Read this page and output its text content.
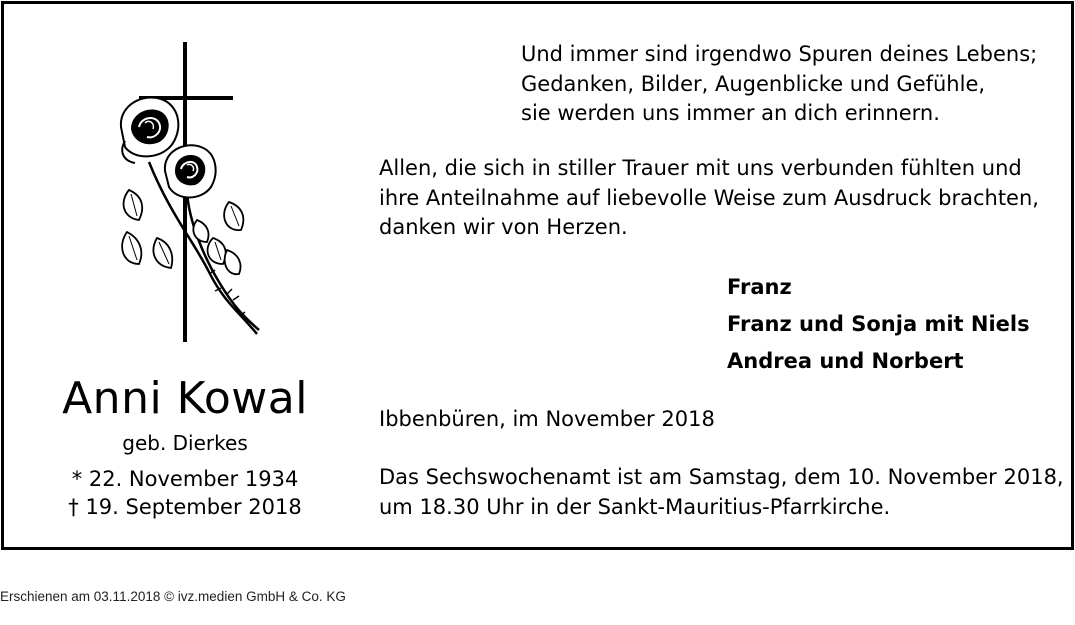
Anni Kowal
geb. Dierkes
* 22. November 1934
† 19. September 2018
Und immer sind irgendwo Spuren deines Lebens;
Gedanken, Bilder, Augenblicke und Gefühle,
sie werden uns immer an dich erinnern.
Allen, die sich in stiller Trauer mit uns verbunden fühlten und
ihre Anteilnahme auf liebevolle Weise zum Ausdruck brachten,
danken wir von Herzen.
Franz
Franz und Sonja mit Niels
Andrea und Norbert
Ibbenbüren, im November 2018
Das Sechswochenamt ist am Samstag, dem 10. November 2018,
um 18.30 Uhr in der Sankt-Mauritius-Pfarrkirche.
Erschienen am 03.11.2018 © ivz.medien GmbH & Co. KG
